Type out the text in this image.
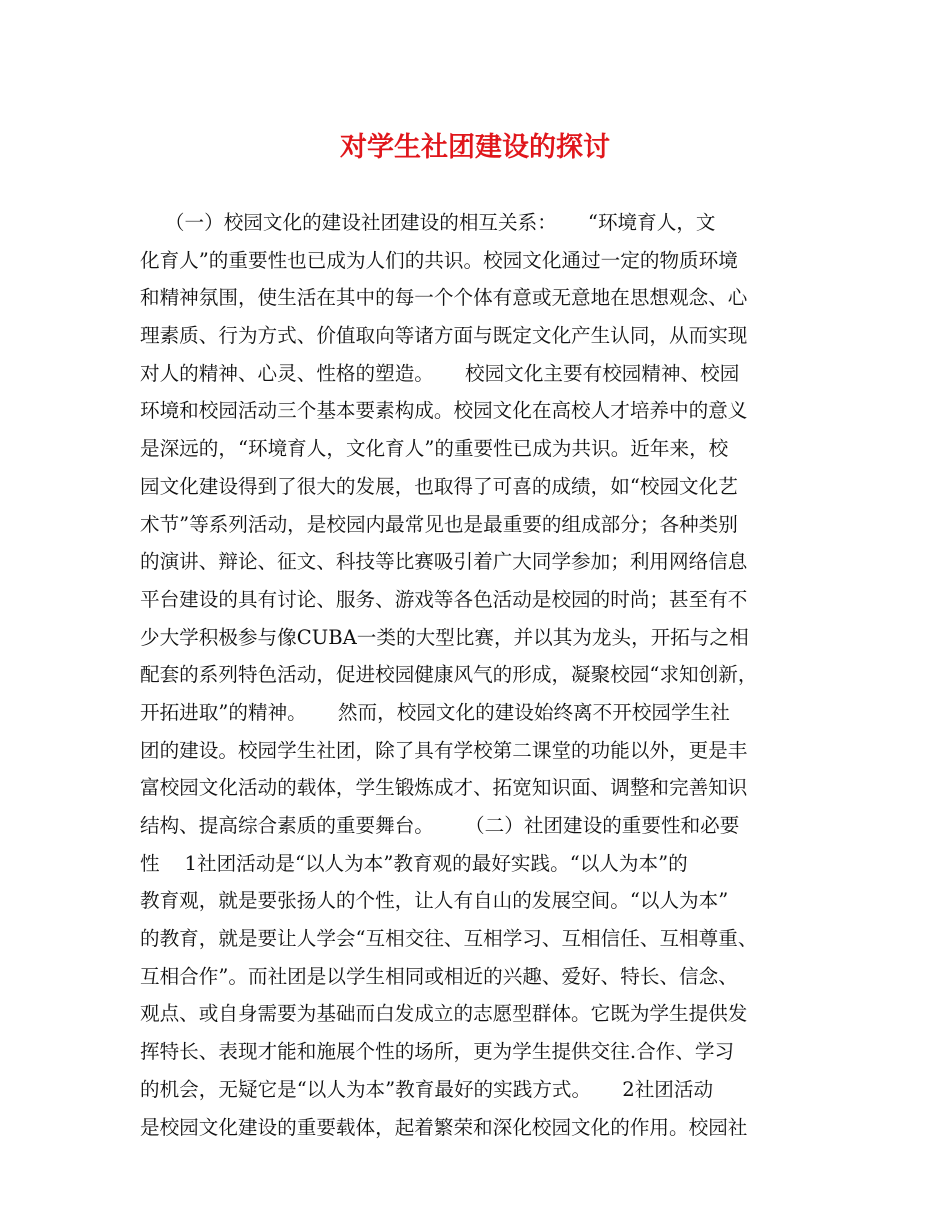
对学生社团建设的探讨
（一）校园文化的建设社团建设的相互关系：     “环境育人，文
化育人”的重要性也已成为人们的共识。校园文化通过一定的物质环境
和精神氛围，使生活在其中的每一个个体有意或无意地在思想观念、心
理素质、行为方式、价值取向等诸方面与既定文化产生认同，从而实现
对人的精神、心灵、性格的塑造。     校园文化主要有校园精神、校园
环境和校园活动三个基本要素构成。校园文化在高校人才培养中的意义
是深远的，“环境育人，文化育人”的重要性已成为共识。近年来，校
园文化建设得到了很大的发展，也取得了可喜的成绩，如“校园文化艺
术节”等系列活动，是校园内最常见也是最重要的组成部分；各种类别
的演讲、辩论、征文、科技等比赛吸引着广大同学参加；利用网络信息
平台建设的具有讨论、服务、游戏等各色活动是校园的时尚；甚至有不
少大学积极参与像CUBA一类的大型比赛，并以其为龙头，开拓与之相
配套的系列特色活动，促进校园健康风气的形成，凝聚校园“求知创新，
开拓进取”的精神。     然而，校园文化的建设始终离不开校园学生社
团的建设。校园学生社团，除了具有学校第二课堂的功能以外，更是丰
富校园文化活动的载体，学生锻炼成才、拓宽知识面、调整和完善知识
结构、提高综合素质的重要舞台。     （二）社团建设的重要性和必要
性    1社团活动是“以人为本”教育观的最好实践。“以人为本”的
教育观，就是要张扬人的个性，让人有自山的发展空间。“以人为本”
的教育，就是要让人学会“互相交往、互相学习、互相信任、互相尊重、
互相合作”。而社团是以学生相同或相近的兴趣、爱好、特长、信念、
观点、或自身需要为基础而白发成立的志愿型群体。它既为学生提供发
挥特长、表现才能和施展个性的场所，更为学生提供交往.合作、学习
的机会，无疑它是“以人为本”教育最好的实践方式。     2社团活动
是校园文化建设的重要载体，起着繁荣和深化校园文化的作用。校园社
